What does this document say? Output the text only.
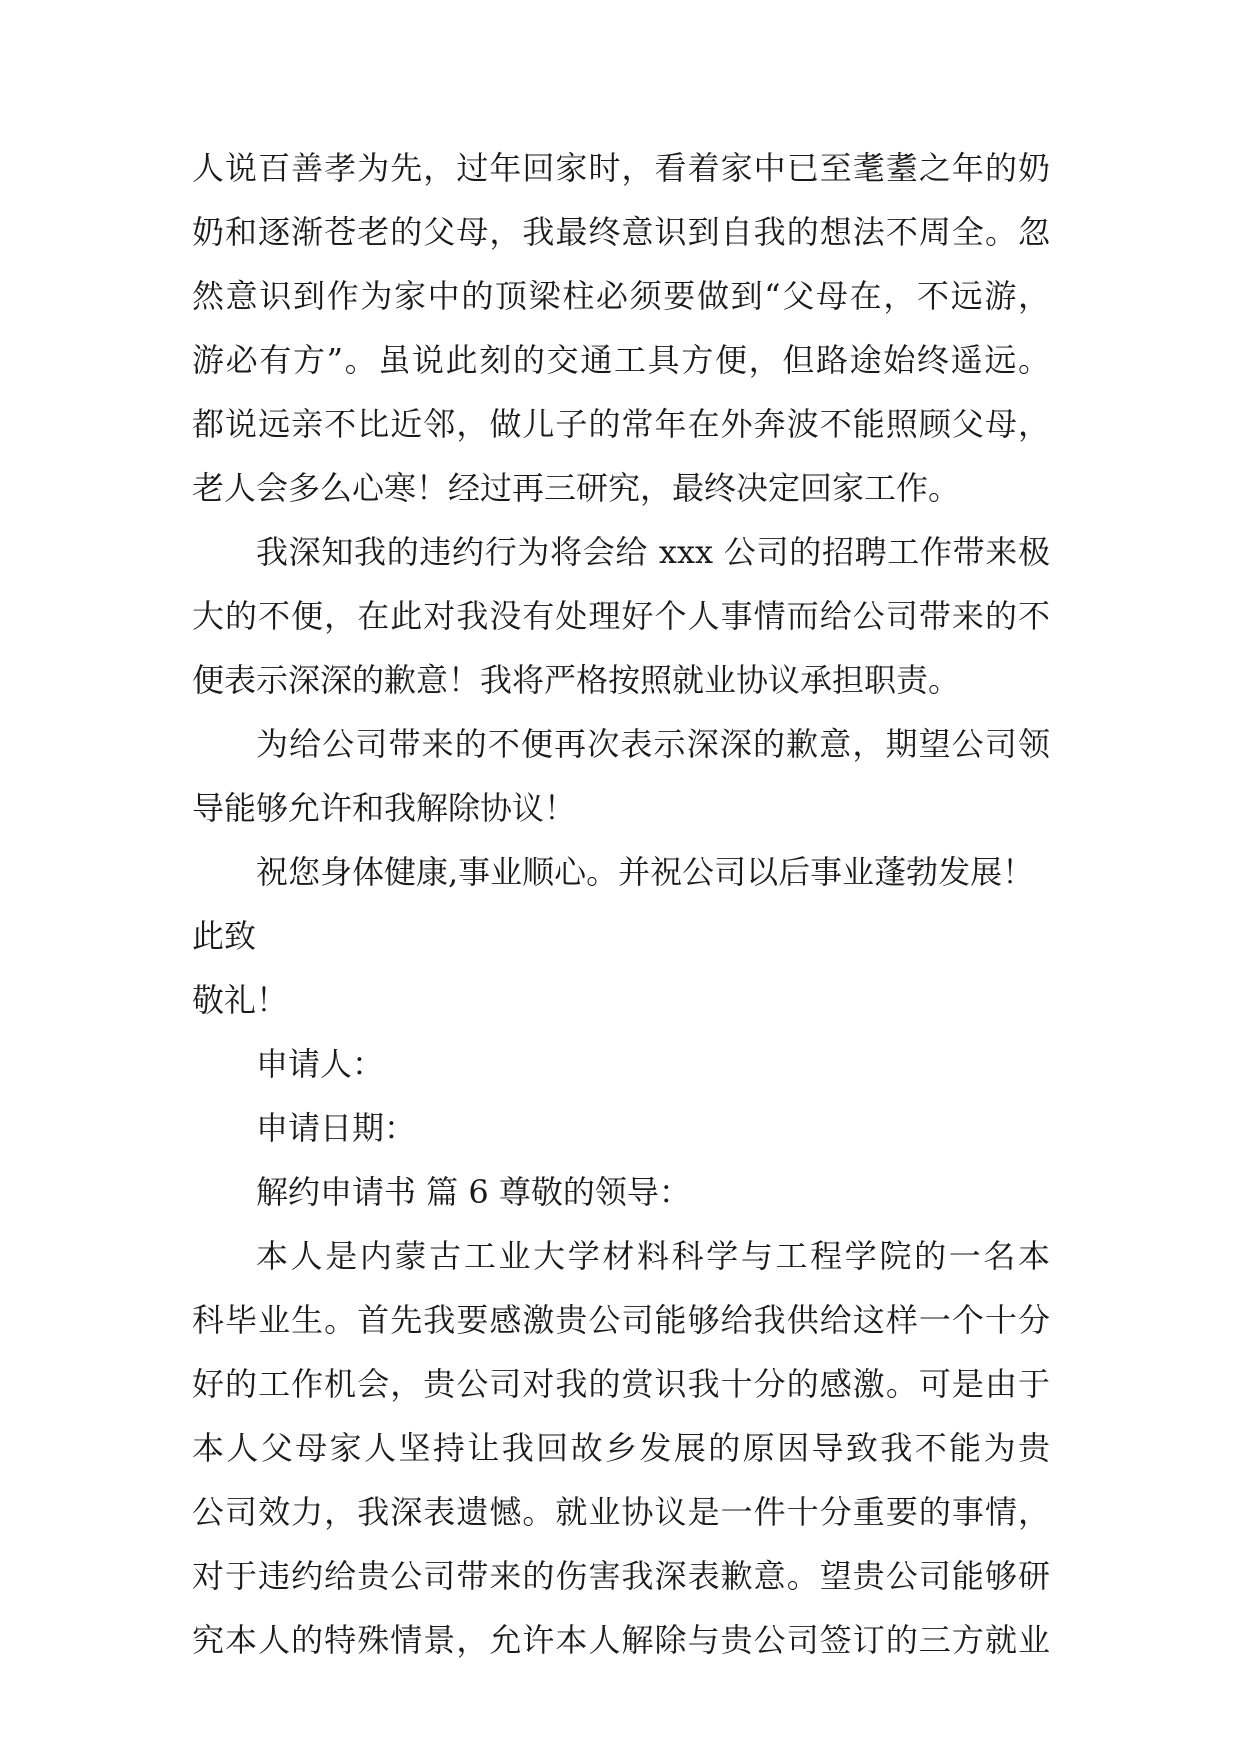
人说百善孝为先，过年回家时，看着家中已至耄耋之年的奶
奶和逐渐苍老的父母，我最终意识到自我的想法不周全。忽
然意识到作为家中的顶梁柱必须要做到“父母在，不远游，
游必有方”。虽说此刻的交通工具方便，但路途始终遥远。
都说远亲不比近邻，做儿子的常年在外奔波不能照顾父母，
老人会多么心寒！经过再三研究，最终决定回家工作。
我深知我的违约行为将会给 xxx 公司的招聘工作带来极
大的不便，在此对我没有处理好个人事情而给公司带来的不
便表示深深的歉意！我将严格按照就业协议承担职责。
为给公司带来的不便再次表示深深的歉意，期望公司领
导能够允许和我解除协议！
祝您身体健康,事业顺心。并祝公司以后事业蓬勃发展！
此致
敬礼！
申请人：
申请日期：
解约申请书 篇 6 尊敬的领导：
本人是内蒙古工业大学材料科学与工程学院的一名本
科毕业生。首先我要感激贵公司能够给我供给这样一个十分
好的工作机会，贵公司对我的赏识我十分的感激。可是由于
本人父母家人坚持让我回故乡发展的原因导致我不能为贵
公司效力，我深表遗憾。就业协议是一件十分重要的事情，
对于违约给贵公司带来的伤害我深表歉意。望贵公司能够研
究本人的特殊情景，允许本人解除与贵公司签订的三方就业
